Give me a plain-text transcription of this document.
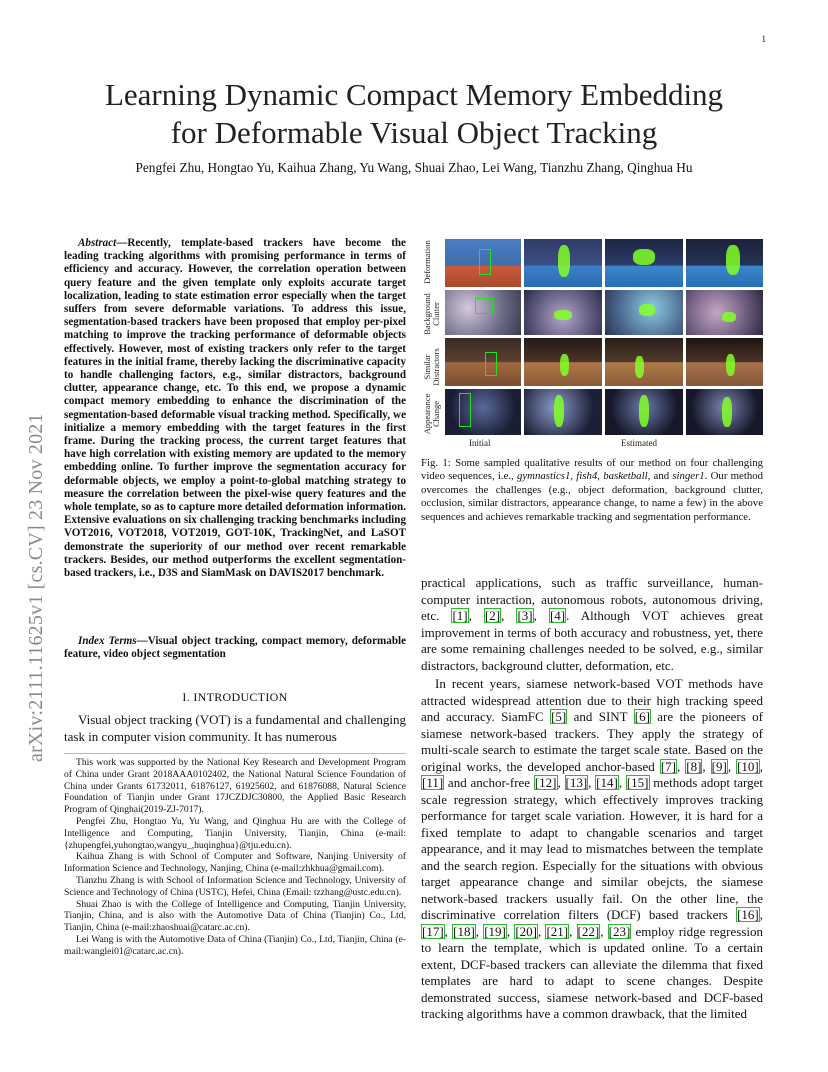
1
arXiv:2111.11625v1 [cs.CV] 23 Nov 2021
Learning Dynamic Compact Memory Embedding
for Deformable Visual Object Tracking
Pengfei Zhu, Hongtao Yu, Kaihua Zhang, Yu Wang, Shuai Zhao, Lei Wang, Tianzhu Zhang, Qinghua Hu
Abstract—Recently, template-based trackers have become the leading tracking algorithms with promising performance in terms of efficiency and accuracy. However, the correlation operation between query feature and the given template only exploits accurate target localization, leading to state estimation error especially when the target suffers from severe deformable variations. To address this issue, segmentation-based trackers have been proposed that employ per-pixel matching to improve the tracking performance of deformable objects effectively. However, most of existing trackers only refer to the target features in the initial frame, thereby lacking the discriminative capacity to handle challenging factors, e.g., similar distractors, background clutter, appearance change, etc. To this end, we propose a dynamic compact memory embedding to enhance the discrimination of the segmentation-based deformable visual tracking method. Specifically, we initialize a memory embedding with the target features in the first frame. During the tracking process, the current target features that have high correlation with existing memory are updated to the memory embedding online. To further improve the segmentation accuracy for deformable objects, we employ a point-to-global matching strategy to measure the correlation between the pixel-wise query features and the whole template, so as to capture more detailed deformation information. Extensive evaluations on six challenging tracking benchmarks including VOT2016, VOT2018, VOT2019, GOT-10K, TrackingNet, and LaSOT demonstrate the superiority of our method over recent remarkable trackers. Besides, our method outperforms the excellent segmentation-based trackers, i.e., D3S and SiamMask on DAVIS2017 benchmark.
Index Terms—Visual object tracking, compact memory, deformable feature, video object segmentation
I. INTRODUCTION
Visual object tracking (VOT) is a fundamental and challenging task in computer vision community. It has numerous

This work was supported by the National Key Research and Development Program of China under Grant 2018AAA0102402, the National Natural Science Foundation of China under Grants 61732011, 61876127, 61925602, and 61876088, Natural Science Foundation of Tianjin under Grant 17JCZDJC30800, the Applied Basic Research Program of Qinghai(2019-ZJ-7017).

Pengfei Zhu, Hongtao Yu, Yu Wang, and Qinghua Hu are with the College of Intelligence and Computing, Tianjin University, Tianjin, China (e-mail: {zhupengfei,yuhongtao,wangyu_,huqinghua}@tju.edu.cn).

Kaihua Zhang is with School of Computer and Software, Nanjing University of Information Science and Technology, Nanjing, China (e-mail:zhkhua@gmail.com).

Tianzhu Zhang is with School of Information Science and Technology, University of Science and Technology of China (USTC), Hefei, China (Email: tzzhang@ustc.edu.cn).

Shuai Zhao is with the College of Intelligence and Computing, Tianjin University, Tianjin, China, and is also with the Automotive Data of China (Tianjin) Co., Ltd, Tianjin, China (e-mail:zhaoshuai@catarc.ac.cn).

Lei Wang is with the Automotive Data of China (Tianjin) Co., Ltd, Tianjin, China (e-mail:wanglei01@catarc.ac.cn).

Deformation
Background Clutter
Similar Distractors
Appearance Change
Initial	Estimated
Fig. 1: Some sampled qualitative results of our method on four challenging video sequences, i.e., gymnastics1, fish4, basketball, and singer1. Our method overcomes the challenges (e.g., object deformation, background clutter, occlusion, similar distractors, appearance change, to name a few) in the above sequences and achieves remarkable tracking and segmentation performance.
practical applications, such as traffic surveillance, human-computer interaction, autonomous robots, autonomous driving, etc. [1], [2], [3], [4]. Although VOT achieves great improvement in terms of both accuracy and robustness, yet, there are some remaining challenges needed to be solved, e.g., similar distractors, background clutter, deformation, etc.
In recent years, siamese network-based VOT methods have attracted widespread attention due to their high tracking speed and accuracy. SiamFC [5] and SINT [6] are the pioneers of siamese network-based trackers. They apply the strategy of multi-scale search to estimate the target scale state. Based on the original works, the developed anchor-based [7], [8], [9], [10], [11] and anchor-free [12], [13], [14], [15] methods adopt target scale regression strategy, which effectively improves tracking performance for target scale variation. However, it is hard for a fixed template to adapt to changable scenarios and target appearance, and it may lead to mismatches between the template and the search region. Especially for the situations with obvious target appearance change and similar obejcts, the siamese network-based trackers usually fail. On the other line, the discriminative correlation filters (DCF) based trackers [16], [17], [18], [19], [20], [21], [22], [23] employ ridge regression to learn the template, which is updated online. To a certain extent, DCF-based trackers can alleviate the dilemma that fixed templates are hard to adapt to scene changes. Despite demonstrated success, siamese network-based and DCF-based tracking algorithms have a common drawback, that the limited
